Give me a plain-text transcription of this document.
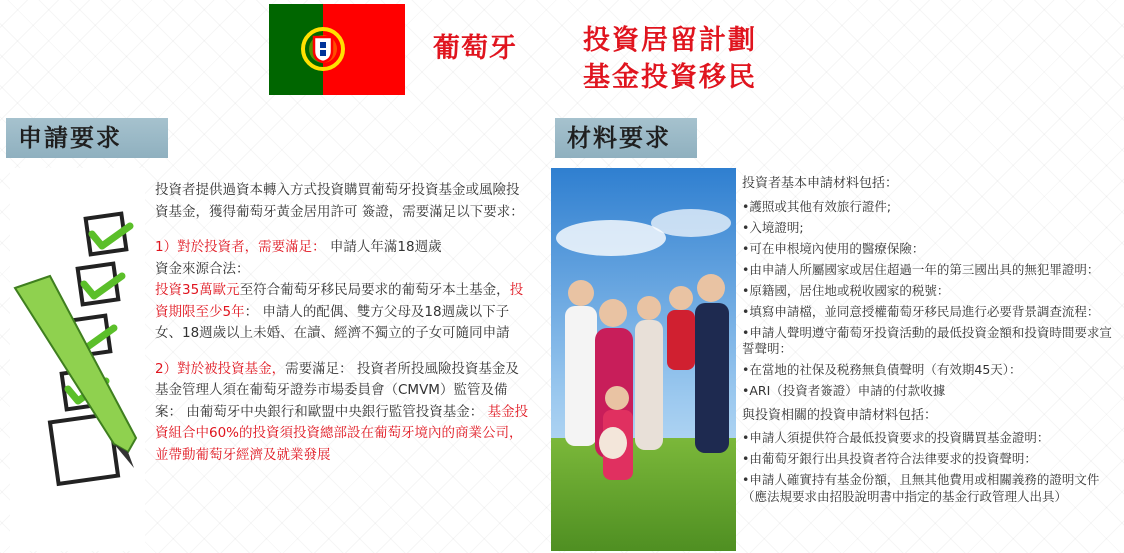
葡萄牙 投資居留計劃
基金投資移民
申請要求	材料要求

投資者提供過資本轉入方式投資購買葡萄牙投資基金或風險投資基金，獲得葡萄牙黃金居用許可 簽證，需要滿足以下要求：

1）對於投資者，需要滿足： 申請人年滿18週歲

資金來源合法：

投資35萬歐元至符合葡萄牙移民局要求的葡萄牙本土基金，投資期限至少5年： 申請人的配偶、雙方父母及18週歲以下子女、18週歲以上未婚、在讀、經濟不獨立的子女可隨同申請

2）對於被投資基金，需要滿足： 投資者所投風險投資基金及基金管理人須在葡萄牙證券市場委員會（CMVM）監管及備案： 由葡萄牙中央銀行和歐盟中央銀行監管投資基金： 基金投資組合中60%的投資須投資總部設在葡萄牙境內的商業公司，並帶動葡萄牙經濟及就業發展

投資者基本申請材料包括：
•護照或其他有效旅行證件;
•入境證明;
•可在申根境內使用的醫療保險：
•由申請人所屬國家或居住超過一年的第三國出具的無犯罪證明：
•原籍國，居住地或税收國家的税號：
•填寫申請檔，並同意授權葡萄牙移民局進行必要背景調查流程：
•申請人聲明遵守葡萄牙投資活動的最低投資金額和投資時間要求宣誓聲明：
•在當地的社保及税務無負債聲明（有效期45天）：
•ARI（投資者簽證）申請的付款收據
與投資相關的投資申請材料包括：
•申請人須提供符合最低投資要求的投資購買基金證明：
•由葡萄牙銀行出具投資者符合法律要求的投資聲明：
•申請人確實持有基金份額，且無其他費用或相關義務的證明文件（應法規要求由招股說明書中指定的基金行政管理人出具）
